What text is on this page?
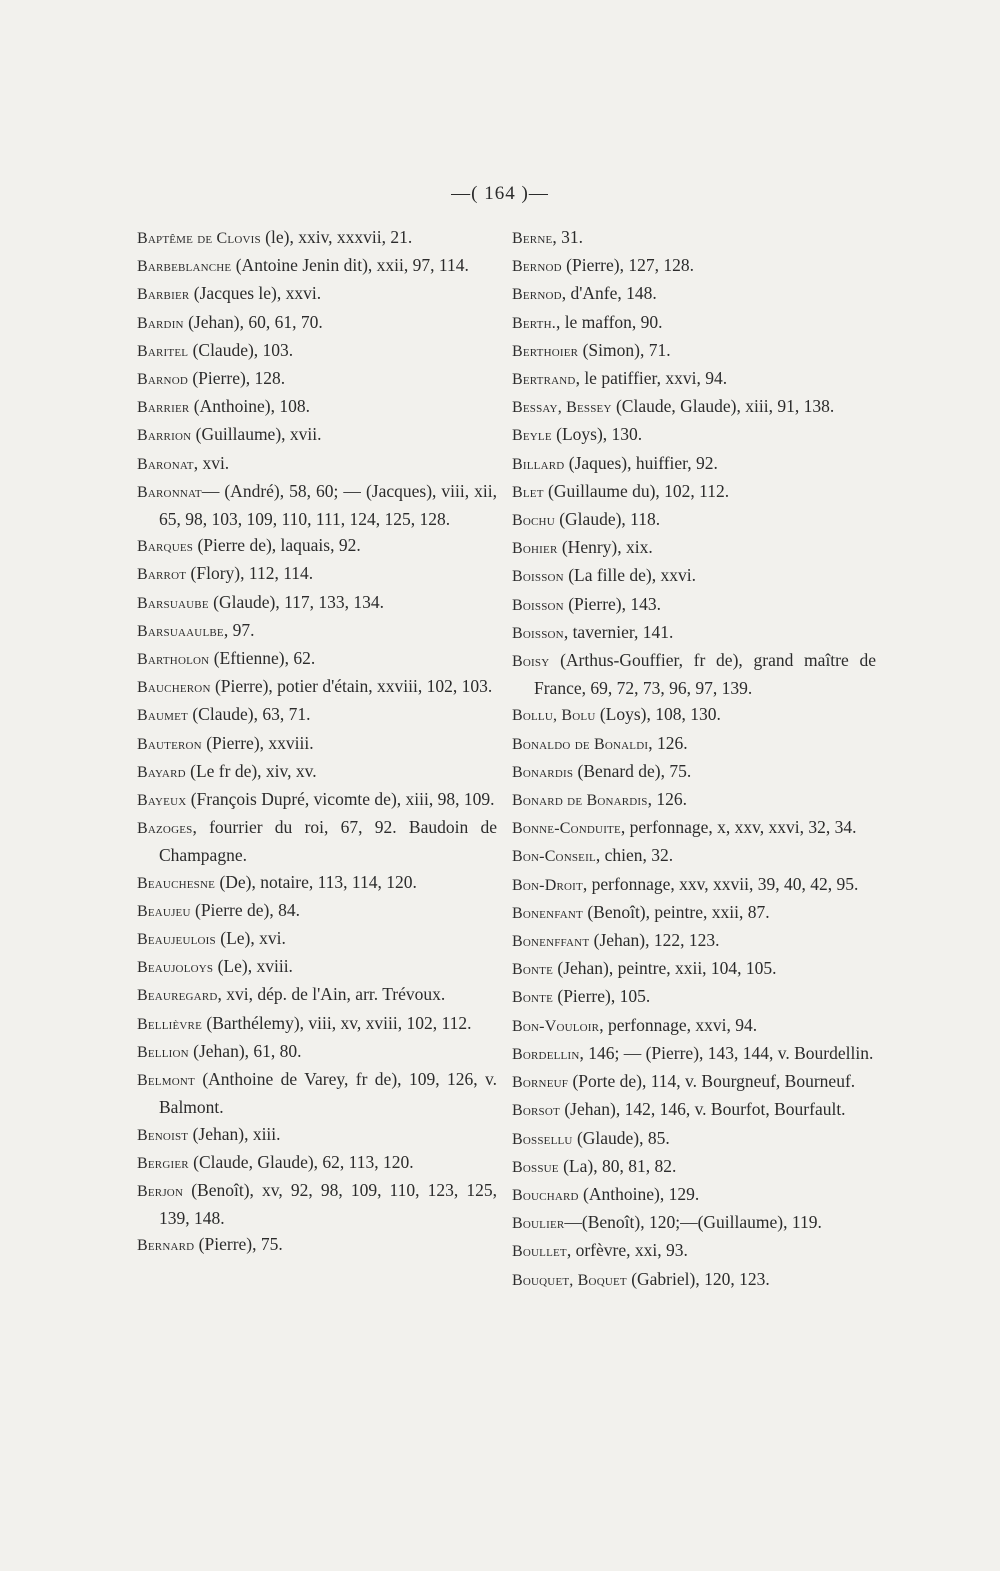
—( 164 )—

Baptême de Clovis (le), xxiv, xxxvii, 21.

Barbeblanche (Antoine Jenin dit), xxii, 97, 114.

Barbier (Jacques le), xxvi.

Bardin (Jehan), 60, 61, 70.

Baritel (Claude), 103.

Barnod (Pierre), 128.

Barrier (Anthoine), 108.

Barrion (Guillaume), xvii.

Baronat, xvi.

Baronnat— (André), 58, 60; — (Jacques), viii, xii, 65, 98, 103, 109, 110, 111, 124, 125, 128.

Barques (Pierre de), laquais, 92.

Barrot (Flory), 112, 114.

Barsuaube (Glaude), 117, 133, 134.

Barsuaaulbe, 97.

Bartholon (Eftienne), 62.

Baucheron (Pierre), potier d'étain, xxviii, 102, 103.

Baumet (Claude), 63, 71.

Bauteron (Pierre), xxviii.

Bayard (Le fr de), xiv, xv.

Bayeux (François Dupré, vicomte de), xiii, 98, 109.

Bazoges, fourrier du roi, 67, 92. Baudoin de Champagne.

Beauchesne (De), notaire, 113, 114, 120.

Beaujeu (Pierre de), 84.

Beaujeulois (Le), xvi.

Beaujoloys (Le), xviii.

Beauregard, xvi, dép. de l'Ain, arr. Trévoux.

Bellièvre (Barthélemy), viii, xv, xviii, 102, 112.

Bellion (Jehan), 61, 80.

Belmont (Anthoine de Varey, fr de), 109, 126, v. Balmont.

Benoist (Jehan), xiii.

Bergier (Claude, Glaude), 62, 113, 120.

Berjon (Benoît), xv, 92, 98, 109, 110, 123, 125, 139, 148.

Bernard (Pierre), 75.

Berne, 31.

Bernod (Pierre), 127, 128.

Bernod, d'Anfe, 148.

Berth., le maffon, 90.

Berthoier (Simon), 71.

Bertrand, le patiffier, xxvi, 94.

Bessay, Bessey (Claude, Glaude), xiii, 91, 138.

Beyle (Loys), 130.

Billard (Jaques), huiffier, 92.

Blet (Guillaume du), 102, 112.

Bochu (Glaude), 118.

Bohier (Henry), xix.

Boisson (La fille de), xxvi.

Boisson (Pierre), 143.

Boisson, tavernier, 141.

Boisy (Arthus-Gouffier, fr de), grand maître de France, 69, 72, 73, 96, 97, 139.

Bollu, Bolu (Loys), 108, 130.

Bonaldo de Bonaldi, 126.

Bonardis (Benard de), 75.

Bonard de Bonardis, 126.

Bonne-Conduite, perfonnage, x, xxv, xxvi, 32, 34.

Bon-Conseil, chien, 32.

Bon-Droit, perfonnage, xxv, xxvii, 39, 40, 42, 95.

Bonenfant (Benoît), peintre, xxii, 87.

Bonenffant (Jehan), 122, 123.

Bonte (Jehan), peintre, xxii, 104, 105.

Bonte (Pierre), 105.

Bon-Vouloir, perfonnage, xxvi, 94.

Bordellin, 146; — (Pierre), 143, 144, v. Bourdellin.

Borneuf (Porte de), 114, v. Bourgneuf, Bourneuf.

Borsot (Jehan), 142, 146, v. Bourfot, Bourfault.

Bossellu (Glaude), 85.

Bossue (La), 80, 81, 82.

Bouchard (Anthoine), 129.

Boulier—(Benoît), 120;—(Guillaume), 119.

Boullet, orfèvre, xxi, 93.

Bouquet, Boquet (Gabriel), 120, 123.
